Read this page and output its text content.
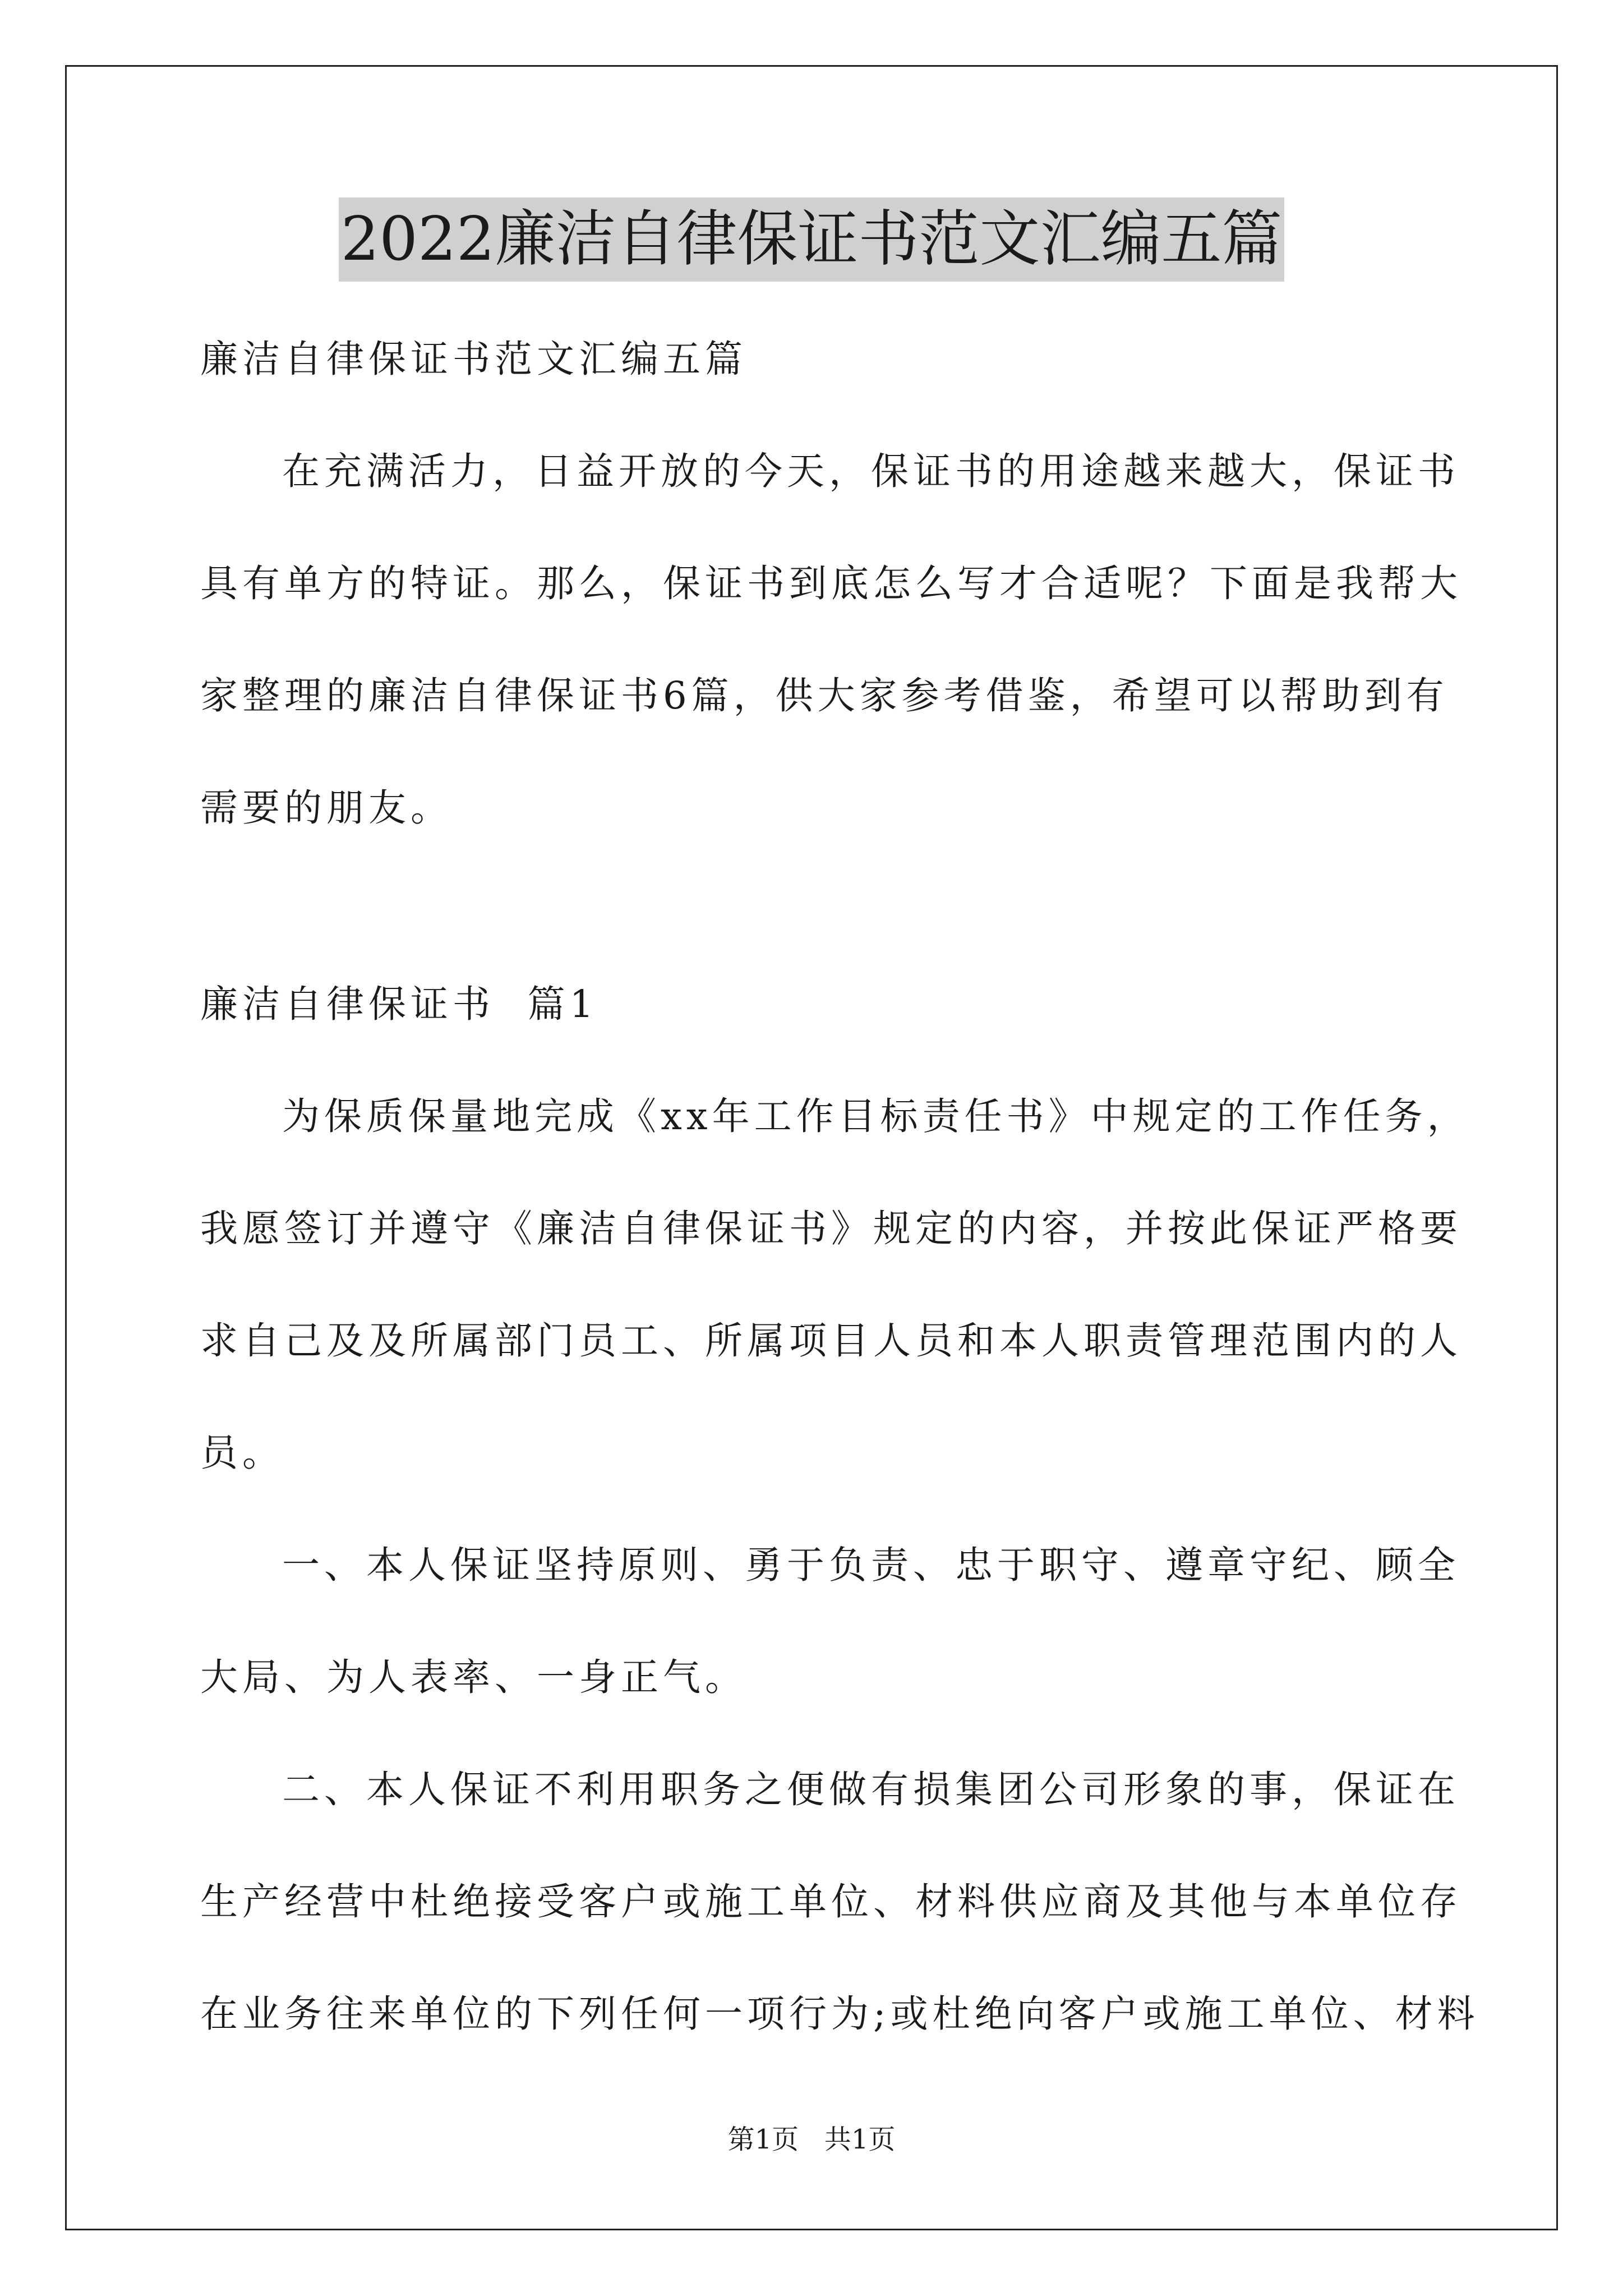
2022廉洁自律保证书范文汇编五篇
廉洁自律保证书范文汇编五篇
在充满活力，日益开放的今天，保证书的用途越来越大，保证书
具有单方的特证。那么，保证书到底怎么写才合适呢？下面是我帮大
家整理的廉洁自律保证书6篇，供大家参考借鉴，希望可以帮助到有
需要的朋友。
廉洁自律保证书  篇1
为保质保量地完成《xx年工作目标责任书》中规定的工作任务，
我愿签订并遵守《廉洁自律保证书》规定的内容，并按此保证严格要
求自己及及所属部门员工、所属项目人员和本人职责管理范围内的人
员。
一、本人保证坚持原则、勇于负责、忠于职守、遵章守纪、顾全
大局、为人表率、一身正气。
二、本人保证不利用职务之便做有损集团公司形象的事，保证在
生产经营中杜绝接受客户或施工单位、材料供应商及其他与本单位存
在业务往来单位的下列任何一项行为;或杜绝向客户或施工单位、材料
第1页   共1页
